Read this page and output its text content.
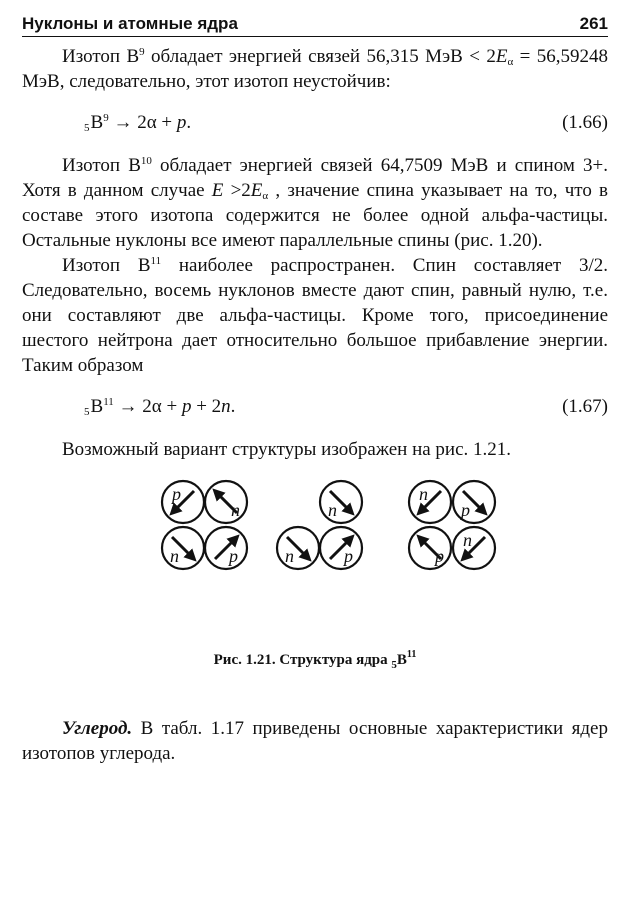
Нуклоны и атомные ядра	261

Изотоп $B^9$ обладает энергией связей 56,315 МэВ < 2Eα = 56,59248 МэВ, следовательно, этот изотоп неустойчив:

$_5B^9 \to 2\alpha + p$.	(1.66)

Изотоп $B^{10}$ обладает энергией связей 64,7509 МэВ и спином 3+. Хотя в данном случае E >2Eα , значение спина указывает на то, что в составе этого изотопа содержится не более одной альфа-частицы. Остальные нуклоны все имеют параллельные спины (рис. 1.20).

Изотоп $B^{11}$ наиболее распространен. Спин составляет 3/2. Следовательно, восемь нуклонов вместе дают спин, равный нулю, т.е. они составляют две альфа-частицы. Кроме того, присоединение шестого нейтрона дает относительно большое прибавление энергии. Таким образом

$_5B^{11} \to 2\alpha + p + 2n$.	(1.67)

Возможный вариант структуры изображен на рис. 1.21.

p
n
n	p
n
n	p
n
p
p
n
Рис. 1.21. Структура ядра $_5B^{11}$

Углерод. В табл. 1.17 приведены основные характеристики ядер изотопов углерода.
